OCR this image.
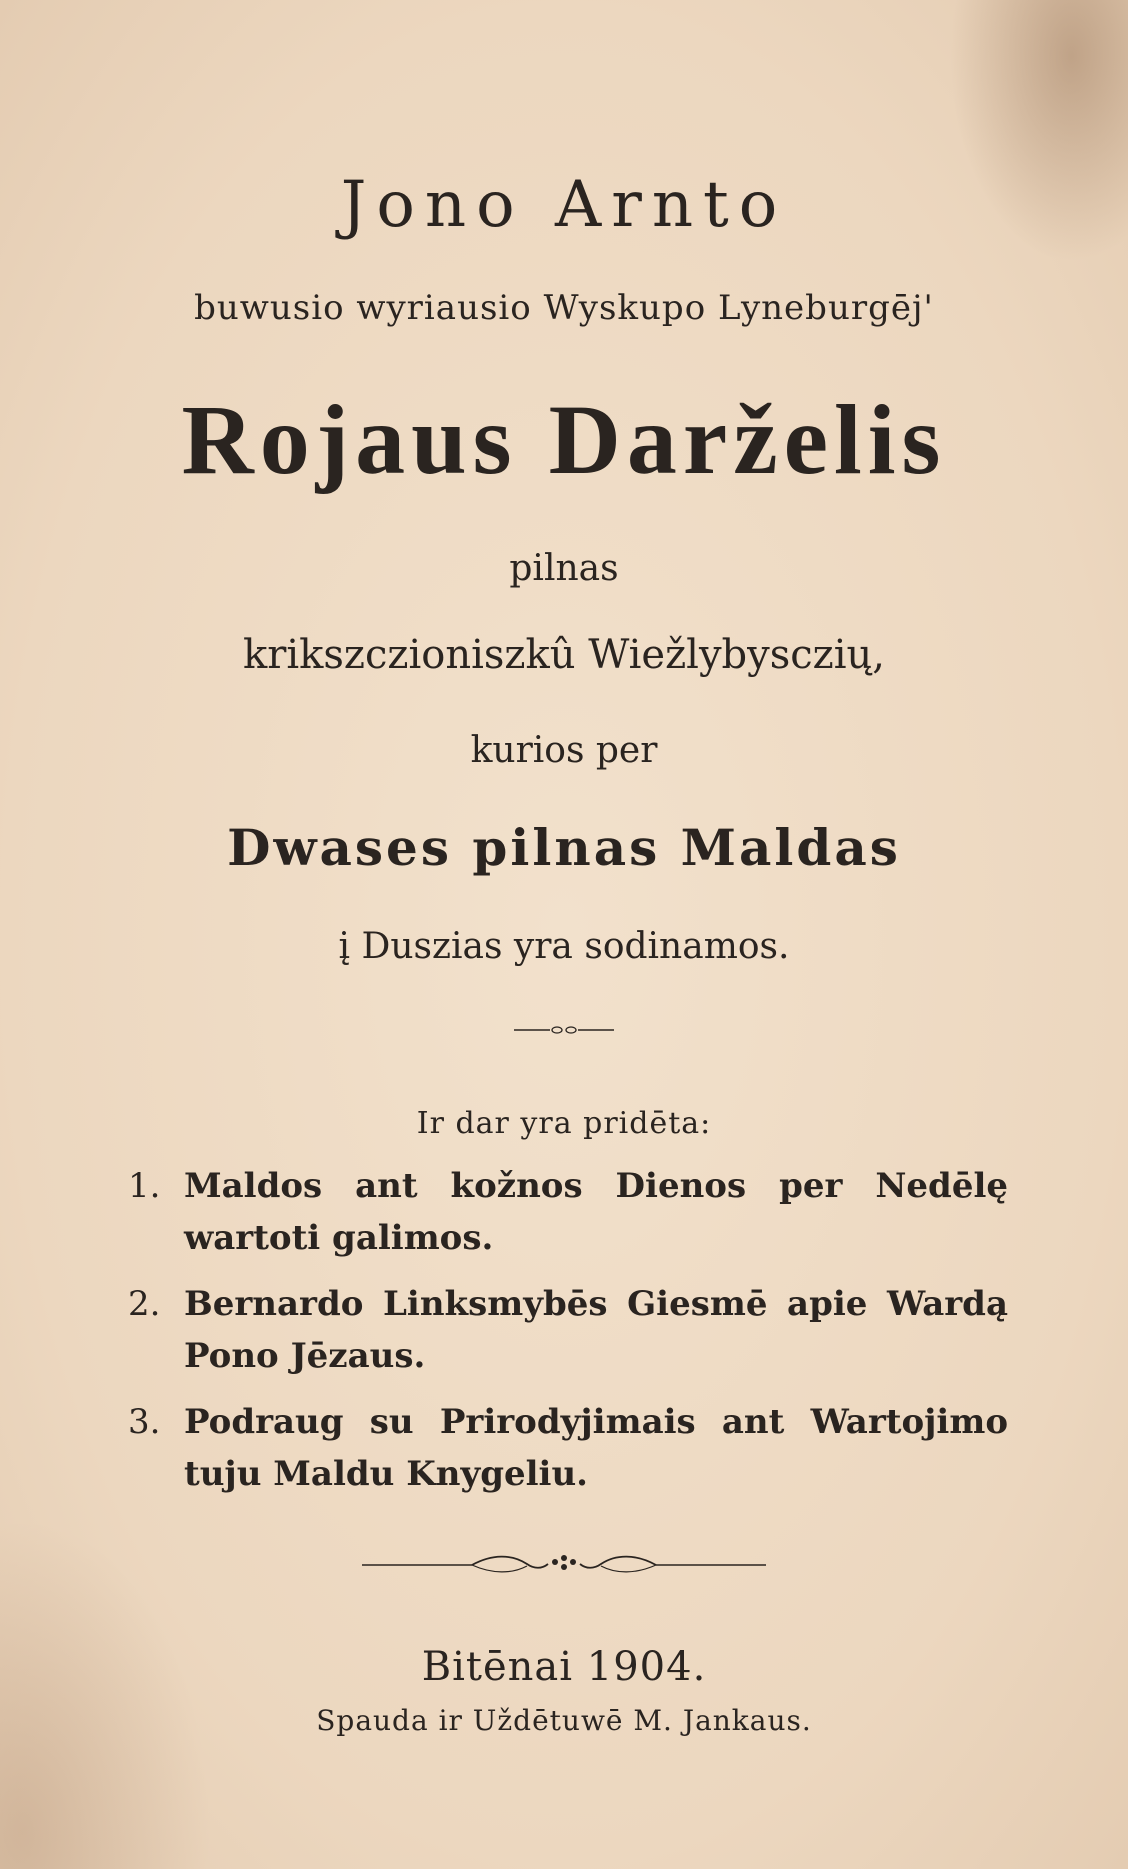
Jono Arnto
buwusio wyriausio Wyskupo Lyneburgēj'
Rojaus Darželis
pilnas
krikszczioniszkû Wiežlybysczių,
kurios per
Dwases pilnas Maldas
į Duszias yra sodinamos.
Ir dar yra pridēta:
1. Maldos ant kožnos Dienos per Nedēlę wartoti galimos.
2. Bernardo Linksmybēs Giesmē apie Wardą Pono Jēzaus.
3. Podraug su Prirodyjimais ant Wartojimo tuju Maldu Knygeliu.
Bitēnai 1904.
Spauda ir Uždētuwē M. Jankaus.
